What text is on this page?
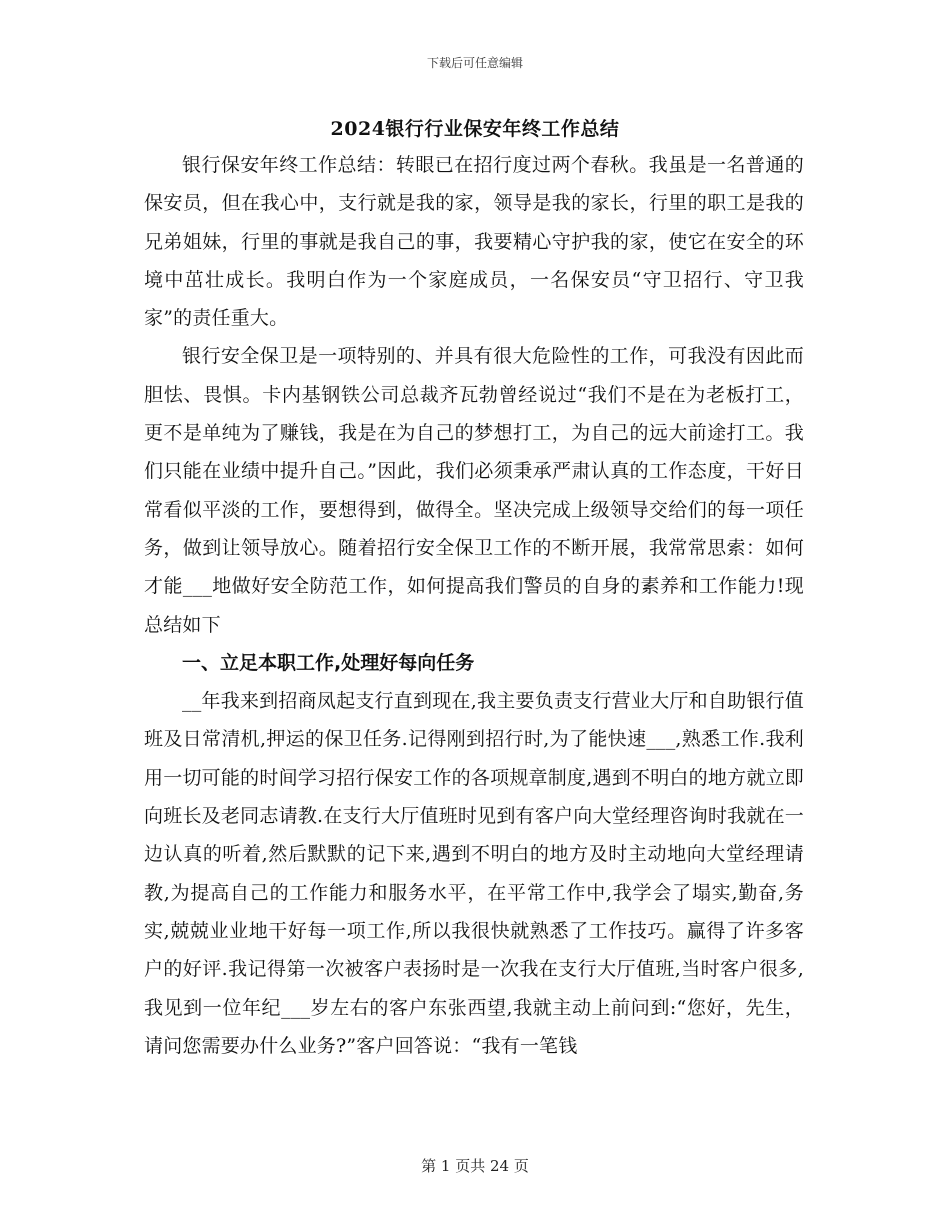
下载后可任意编辑
2024银行行业保安年终工作总结

银行保安年终工作总结：转眼已在招行度过两个春秋。我虽是一名普通的保安员，但在我心中，支行就是我的家，领导是我的家长，行里的职工是我的兄弟姐妹，行里的事就是我自己的事，我要精心守护我的家，使它在安全的环境中茁壮成长。我明白作为一个家庭成员，一名保安员“守卫招行、守卫我家”的责任重大。

银行安全保卫是一项特别的、并具有很大危险性的工作，可我没有因此而胆怯、畏惧。卡内基钢铁公司总裁齐瓦勃曾经说过“我们不是在为老板打工，更不是单纯为了赚钱，我是在为自己的梦想打工，为自己的远大前途打工。我们只能在业绩中提升自己。”因此，我们必须秉承严肃认真的工作态度，干好日常看似平淡的工作，要想得到，做得全。坚决完成上级领导交给们的每一项任务，做到让领导放心。随着招行安全保卫工作的不断开展，我常常思索：如何才能___地做好安全防范工作，如何提高我们警员的自身的素养和工作能力!现总结如下

一、立足本职工作,处理好每向任务

__年我来到招商凤起支行直到现在,我主要负责支行营业大厅和自助银行值班及日常清机,押运的保卫任务.记得刚到招行时,为了能快速___,熟悉工作.我利用一切可能的时间学习招行保安工作的各项规章制度,遇到不明白的地方就立即向班长及老同志请教.在支行大厅值班时见到有客户向大堂经理咨询时我就在一边认真的听着,然后默默的记下来,遇到不明白的地方及时主动地向大堂经理请教,为提高自己的工作能力和服务水平，在平常工作中,我学会了塌实,勤奋,务实,兢兢业业地干好每一项工作,所以我很快就熟悉了工作技巧。赢得了许多客户的好评.我记得第一次被客户表扬时是一次我在支行大厅值班,当时客户很多,我见到一位年纪___岁左右的客户东张西望,我就主动上前问到:“您好，先生，请问您需要办什么业务?”客户回答说：“我有一笔钱

第 1 页共 24 页
